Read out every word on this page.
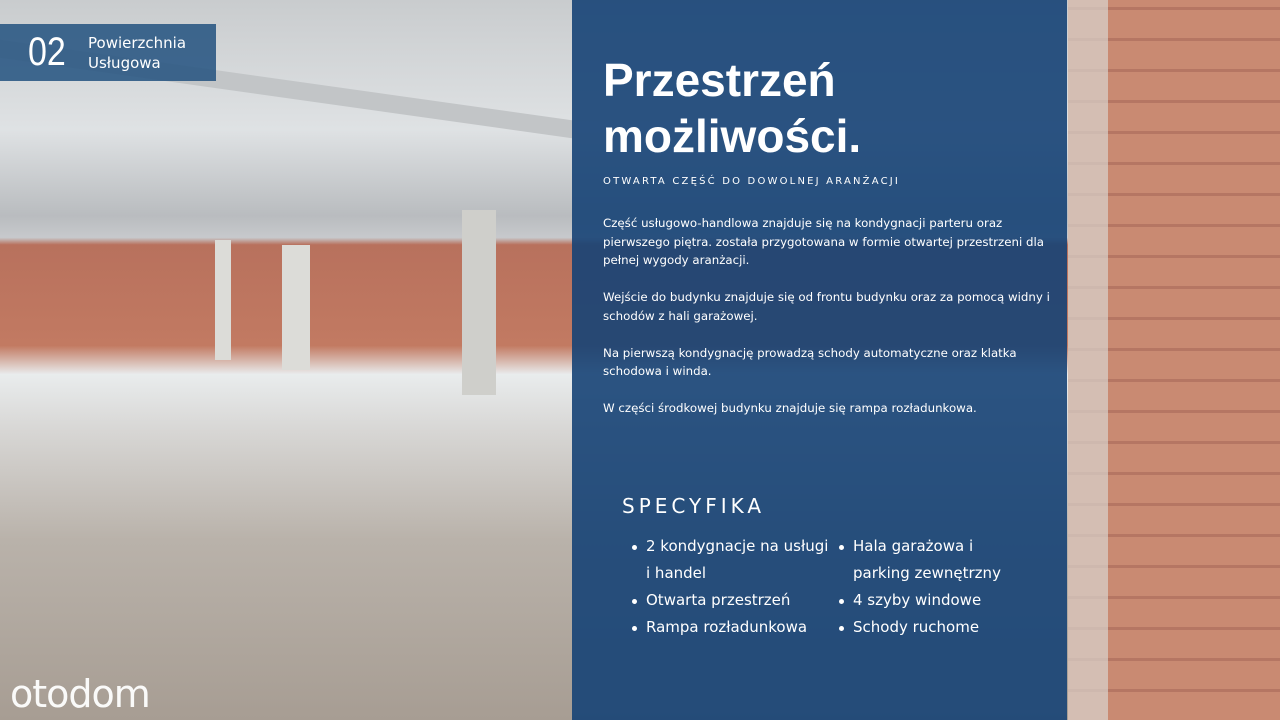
02	Powierzchnia
Usługowa	Przestrzeń
możliwości.
OTWARTA CZĘŚĆ DO DOWOLNEJ ARANŻACJI

Część usługowo-handlowa znajduje się na kondygnacji parteru oraz pierwszego piętra. została przygotowana w formie otwartej przestrzeni dla pełnej wygody aranżacji.

Wejście do budynku znajduje się od frontu budynku oraz za pomocą widny i schodów z hali garażowej.

Na pierwszą kondygnację prowadzą schody automatyczne oraz klatka schodowa i winda.

W części środkowej budynku znajduje się rampa rozładunkowa.

SPECYFIKA
2 kondygnacje na usługi i handel
Otwarta przestrzeń
Rampa rozładunkowa
Hala garażowa i parking zewnętrzny
4 szyby windowe
Schody ruchome
otodom
